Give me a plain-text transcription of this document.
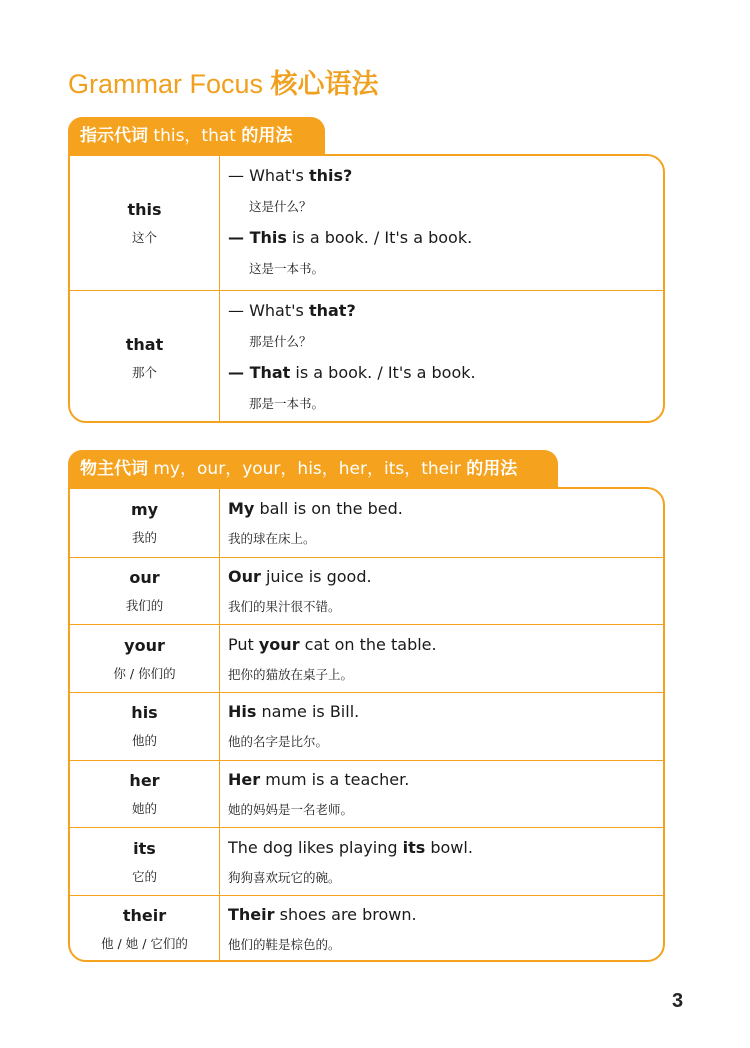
Grammar Focus 核心语法
指示代词 this，that 的用法
this
这个
— What's this?
这是什么？
— This is a book. / It's a book.
这是一本书。
that
那个
— What's that?
那是什么？
— That is a book. / It's a book.
那是一本书。
物主代词 my，our，your，his，her，its，their 的用法
my
我的
My ball is on the bed.
我的球在床上。
our
我们的
Our juice is good.
我们的果汁很不错。
your
你 / 你们的
Put your cat on the table.
把你的猫放在桌子上。
his
他的
His name is Bill.
他的名字是比尔。
her
她的
Her mum is a teacher.
她的妈妈是一名老师。
its
它的
The dog likes playing its bowl.
狗狗喜欢玩它的碗。
their
他 / 她 / 它们的
Their shoes are brown.
他们的鞋是棕色的。
3
